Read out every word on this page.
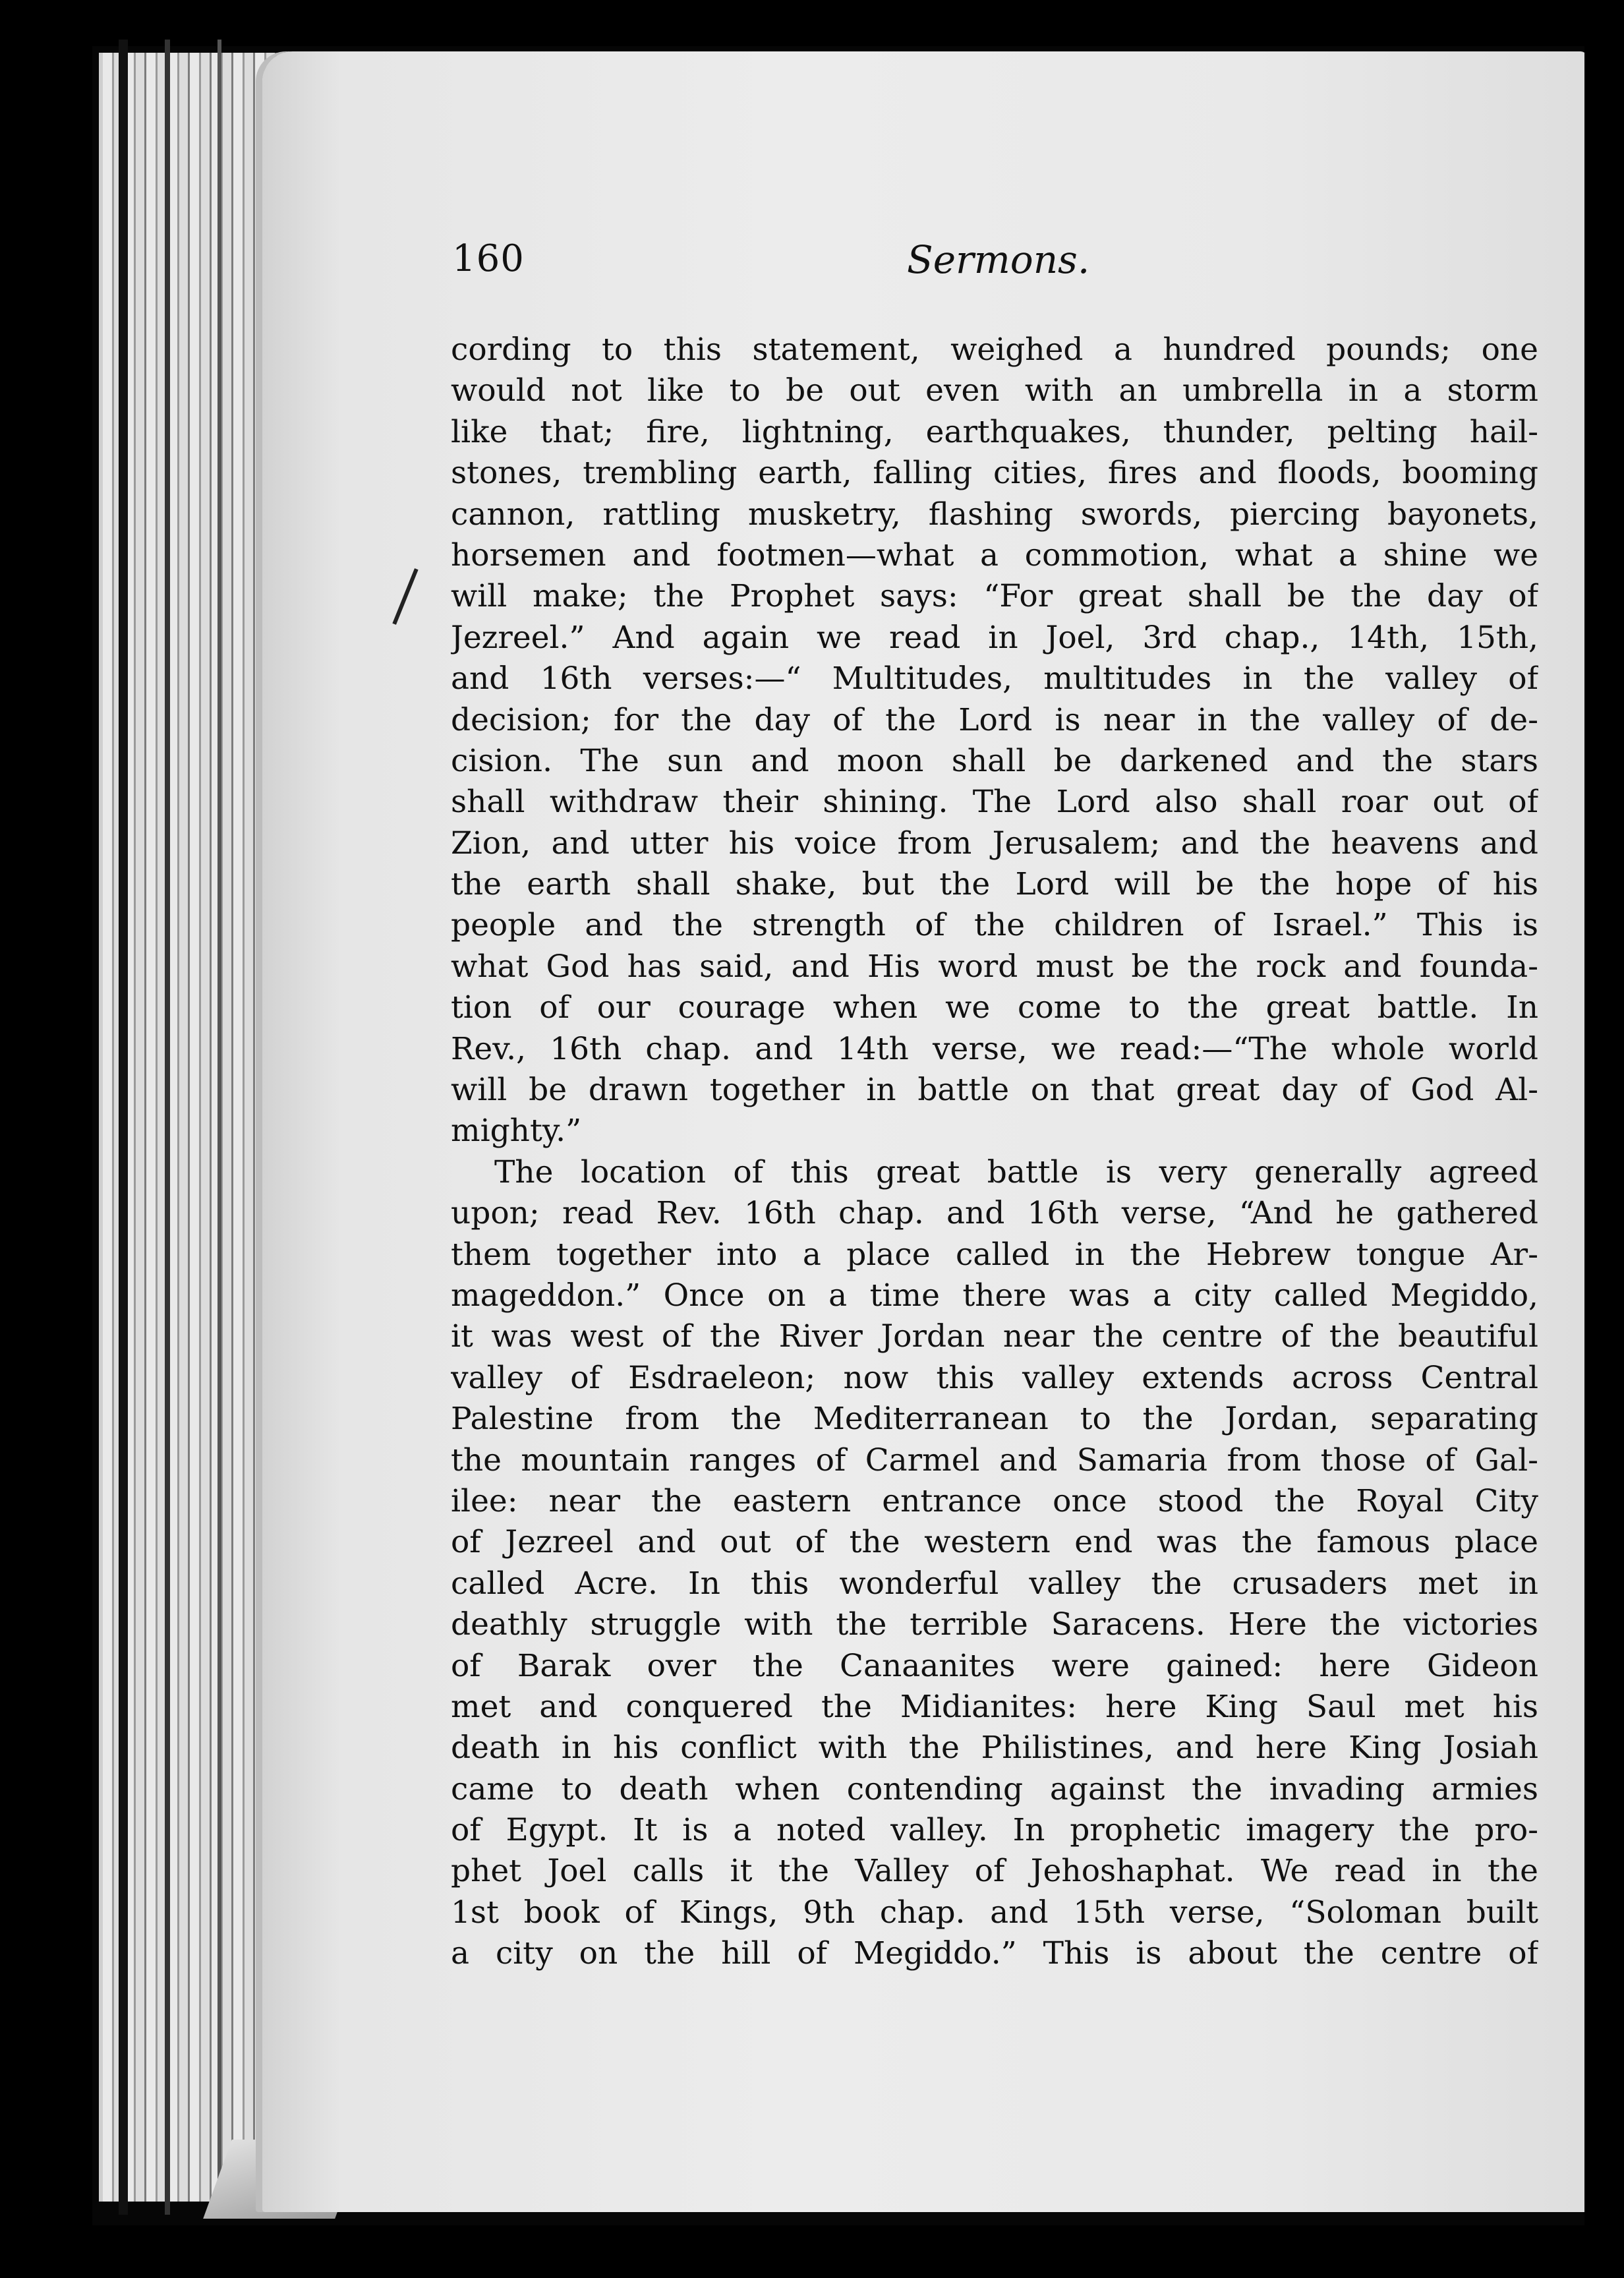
160	Sermons.
cording to this statement, weighed a hundred pounds; one
would not like to be out even with an umbrella in a storm
like that; fire, lightning, earthquakes, thunder, pelting hail-
stones, trembling earth, falling cities, fires and floods, booming
cannon, rattling musketry, flashing swords, piercing bayonets,
horsemen and footmen—what a commotion, what a shine we
will make; the Prophet says: “For great shall be the day of
Jezreel.” And again we read in Joel, 3rd chap., 14th, 15th,
and 16th verses:—“ Multitudes, multitudes in the valley of
decision; for the day of the Lord is near in the valley of de-
cision. The sun and moon shall be darkened and the stars
shall withdraw their shining. The Lord also shall roar out of
Zion, and utter his voice from Jerusalem; and the heavens and
the earth shall shake, but the Lord will be the hope of his
people and the strength of the children of Israel.” This is
what God has said, and His word must be the rock and founda-
tion of our courage when we come to the great battle. In
Rev., 16th chap. and 14th verse, we read:—“The whole world
will be drawn together in battle on that great day of God Al-
mighty.”
The location of this great battle is very generally agreed
upon; read Rev. 16th chap. and 16th verse, “And he gathered
them together into a place called in the Hebrew tongue Ar-
mageddon.” Once on a time there was a city called Megiddo,
it was west of the River Jordan near the centre of the beautiful
valley of Esdraeleon; now this valley extends across Central
Palestine from the Mediterranean to the Jordan, separating
the mountain ranges of Carmel and Samaria from those of Gal-
ilee: near the eastern entrance once stood the Royal City
of Jezreel and out of the western end was the famous place
called Acre. In this wonderful valley the crusaders met in
deathly struggle with the terrible Saracens. Here the victories
of Barak over the Canaanites were gained: here Gideon
met and conquered the Midianites: here King Saul met his
death in his conflict with the Philistines, and here King Josiah
came to death when contending against the invading armies
of Egypt. It is a noted valley. In prophetic imagery the pro-
phet Joel calls it the Valley of Jehoshaphat. We read in the
1st book of Kings, 9th chap. and 15th verse, “Soloman built
a city on the hill of Megiddo.” This is about the centre of
